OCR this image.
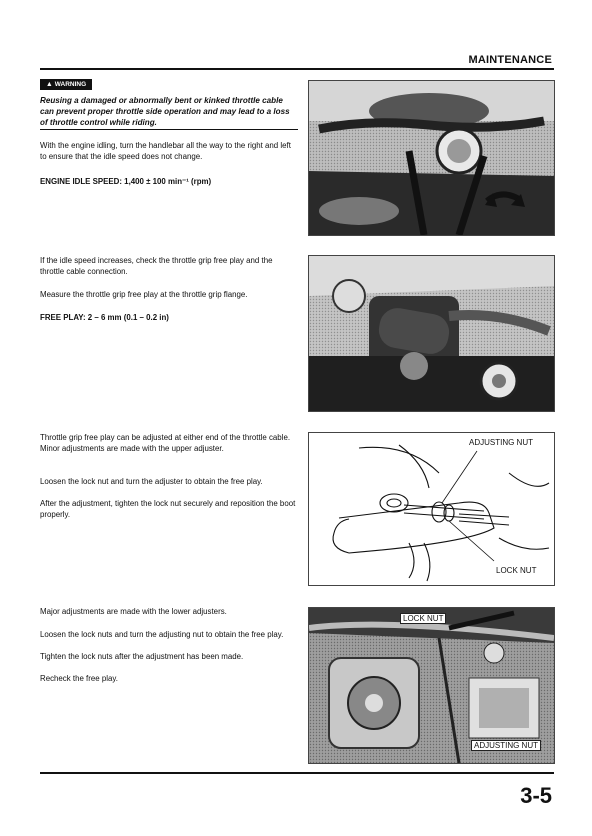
MAINTENANCE
▲ WARNING
Reusing a damaged or abnormally bent or kinked throttle cable can prevent proper throttle side operation and may lead to a loss of throttle control while riding.
With the engine idling, turn the handlebar all the way to the right and left to ensure that the idle speed does not change.
ENGINE IDLE SPEED: 1,400 ± 100 min⁻¹ (rpm)
If the idle speed increases, check the throttle grip free play and the throttle cable connection.
Measure the throttle grip free play at the throttle grip flange.
FREE PLAY: 2 – 6 mm (0.1 – 0.2 in)
Throttle grip free play can be adjusted at either end of the throttle cable. Minor adjustments are made with the upper adjuster.
Loosen the lock nut and turn the adjuster to obtain the free play.
After the adjustment, tighten the lock nut securely and reposition the boot properly.
ADJUSTING NUT
LOCK NUT
Major adjustments are made with the lower adjusters.
Loosen the lock nuts and turn the adjusting nut to obtain the free play.
Tighten the lock nuts after the adjustment has been made.
Recheck the free play.
LOCK NUT
ADJUSTING NUT
3-5
